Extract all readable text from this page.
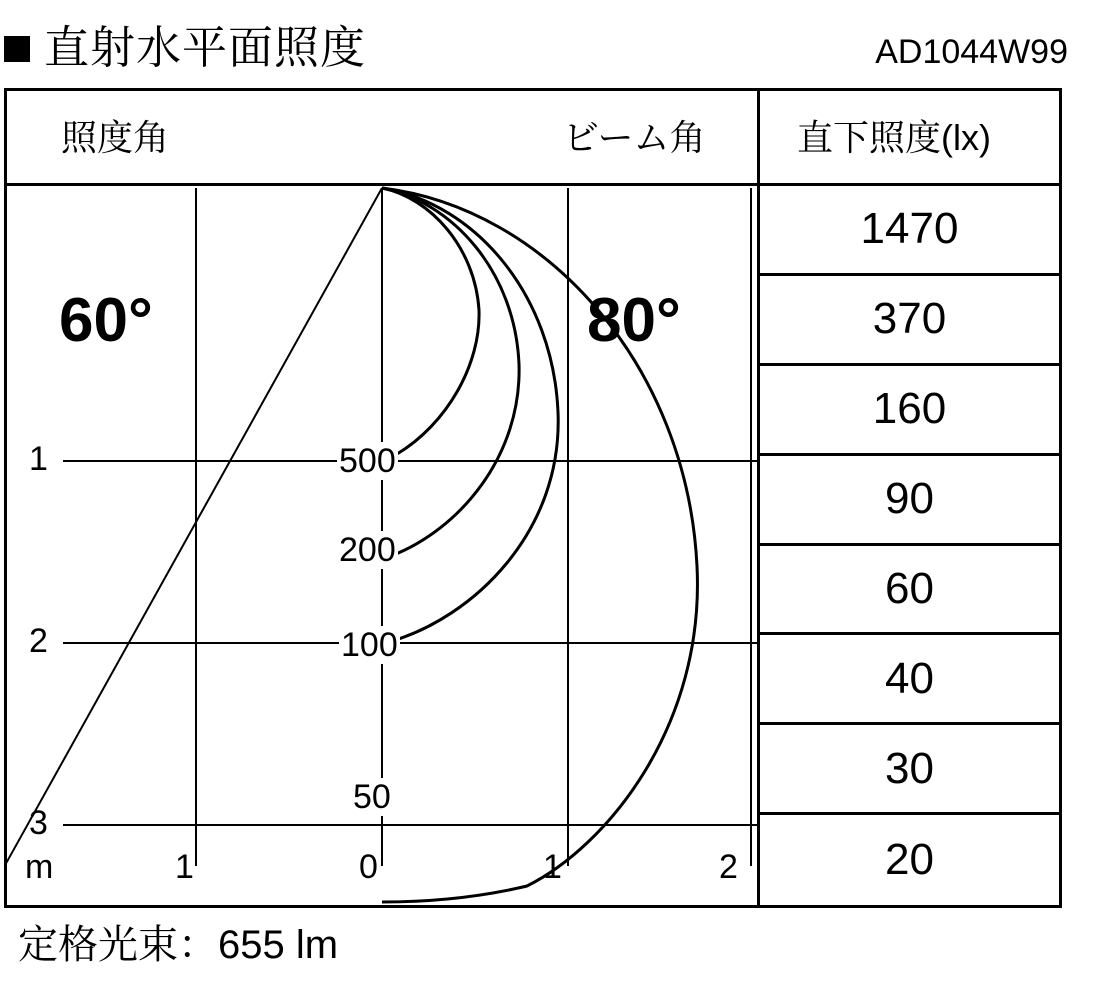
直射水平面照度	AD1044W99
照度角	ビーム角	直下照度(lx)
60°	80°
1
2
3
m	1	0	1	2
500
200
100
50
1470
370
160
90
60
40
30
20
定格光束：655 lm
